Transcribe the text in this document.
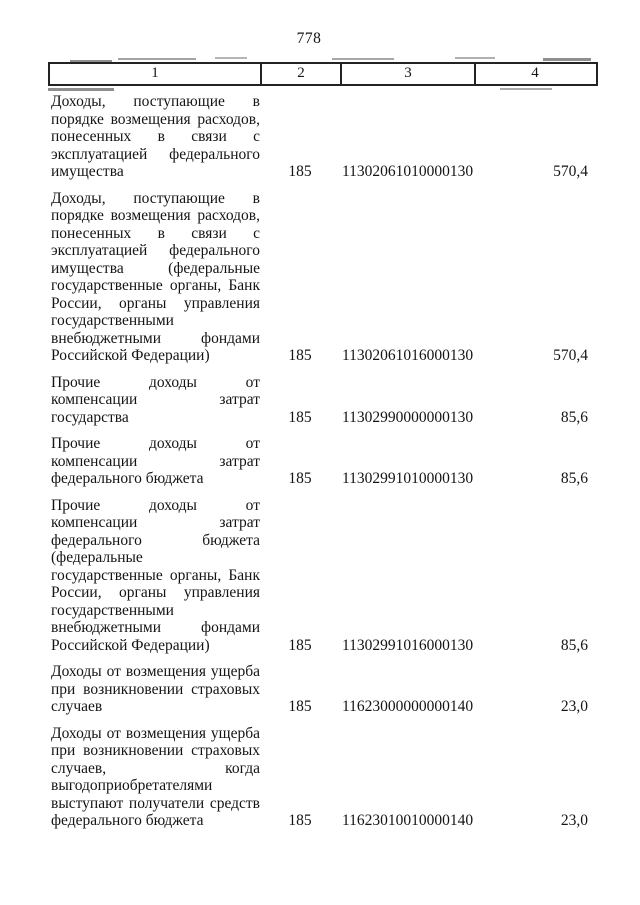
778
1	2	3	4
Доходы, поступающие в
порядке возмещения расходов,
понесенных в связи с
эксплуатацией федерального
имущества	185	11302061010000130	570,4
Доходы, поступающие в
порядке возмещения расходов,
понесенных в связи с
эксплуатацией федерального
имущества (федеральные
государственные органы, Банк
России, органы управления
государственными
внебюджетными фондами
Российской Федерации)	185	11302061016000130	570,4
Прочие доходы от
компенсации затрат
государства	185	11302990000000130	85,6
Прочие доходы от
компенсации затрат
федерального бюджета	185	11302991010000130	85,6
Прочие доходы от
компенсации затрат
федерального бюджета
(федеральные
государственные органы, Банк
России, органы управления
государственными
внебюджетными фондами
Российской Федерации)	185	11302991016000130	85,6
Доходы от возмещения ущерба
при возникновении страховых
случаев	185	11623000000000140	23,0
Доходы от возмещения ущерба
при возникновении страховых
случаев, когда
выгодоприобретателями
выступают получатели средств
федерального бюджета	185	11623010010000140	23,0
